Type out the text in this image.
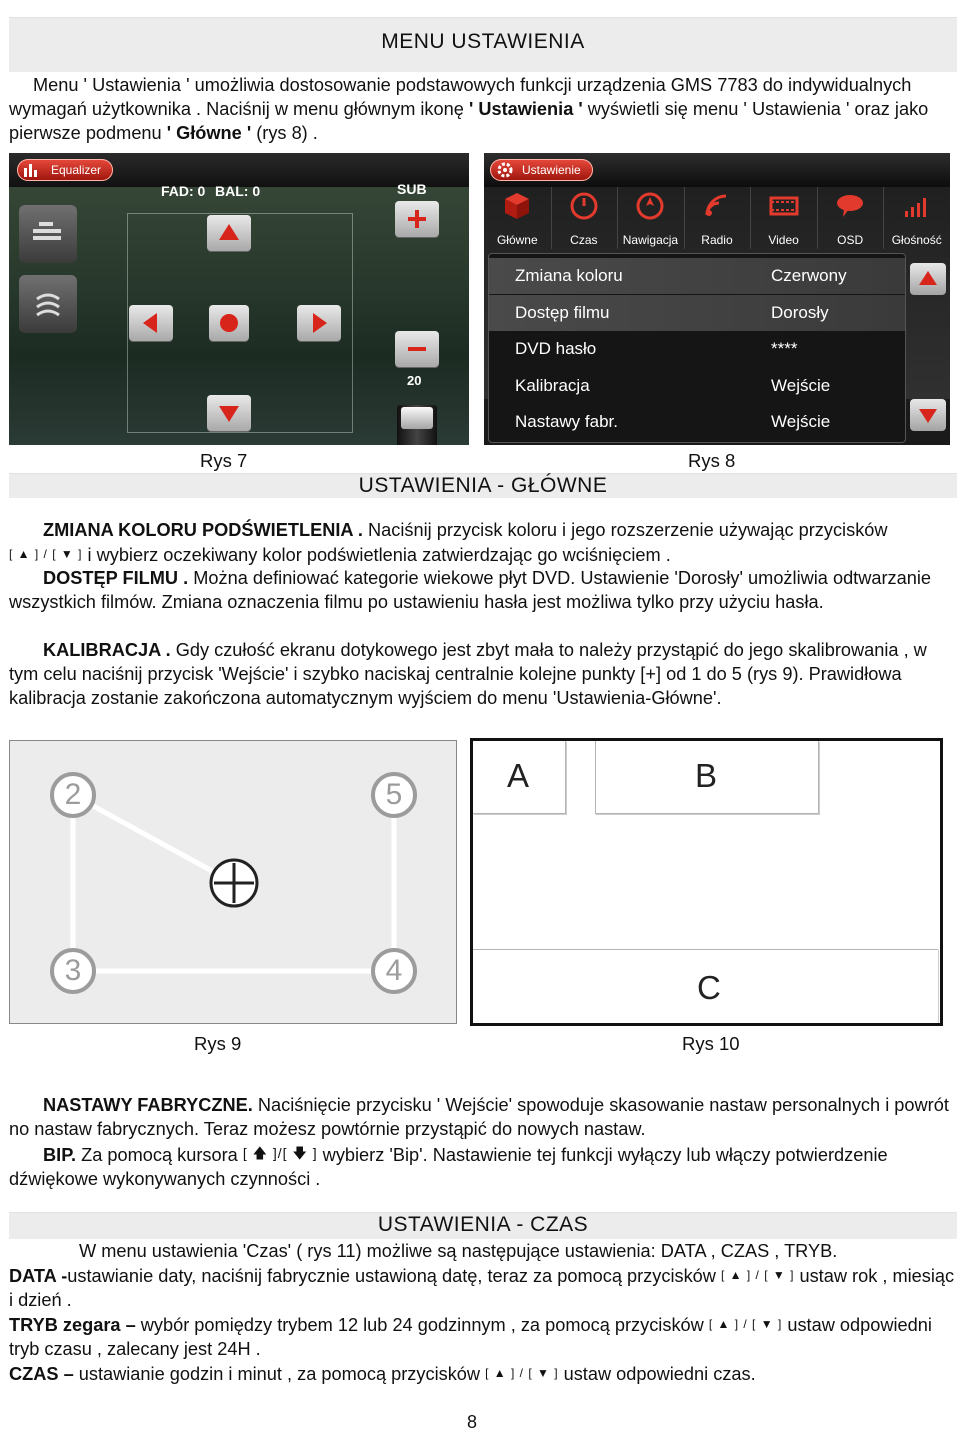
MENU USTAWIENIA
Menu ' Ustawienia ' umożliwia dostosowanie podstawowych funkcji urządzenia GMS 7783 do indywidualnych wymagań użytkownika . Naciśnij w menu głównym ikonę ' Ustawienia ' wyświetli się menu ' Ustawienia ' oraz jako pierwsze podmenu ' Główne ' (rys 8) .
Equalizer
FAD: 0 BAL: 0	SUB
20
Ustawienie
Zmiana koloru	Czerwony
Dostęp filmu	Dorosły
DVD hasło	****
Kalibracja	Wejście
Nastawy fabr.	Wejście
Główne	Czas	Nawigacja	Radio	Video	OSD	Głośność
Rys 7	Rys 8
USTAWIENIA - GŁÓWNE
ZMIANA KOLORU PODŚWIETLENIA . Naciśnij przycisk koloru i jego rozszerzenie używając przycisków [ ▲ ] / [ ▼ ] i wybierz oczekiwany kolor podświetlenia zatwierdzając go wciśnięciem .
DOSTĘP FILMU . Można definiować kategorie wiekowe płyt DVD. Ustawienie 'Dorosły' umożliwia odtwarzanie wszystkich filmów. Zmiana oznaczenia filmu po ustawieniu hasła jest możliwa tylko przy użyciu hasła.
KALIBRACJA . Gdy czułość ekranu dotykowego jest zbyt mała to należy przystąpić do jego skalibrowania , w tym celu naciśnij przycisk 'Wejście' i szybko naciskaj centralnie kolejne punkty [+] od 1 do 5 (rys 9). Prawidłowa kalibracja zostanie zakończona automatycznym wyjściem do menu 'Ustawienia-Główne'.
2	5
3	4
A	B
C
Rys 9	Rys 10
NASTAWY FABRYCZNE. Naciśnięcie przycisku ' Wejście' spowoduje skasowanie nastaw personalnych i powrót no nastaw fabrycznych. Teraz możesz powtórnie przystąpić do nowych nastaw.
BIP. Za pomocą kursora [ 🡅 ]/[ 🡇 ] wybierz 'Bip'. Nastawienie tej funkcji wyłączy lub włączy potwierdzenie dźwiękowe wykonywanych czynności .
USTAWIENIA - CZAS
W menu ustawienia 'Czas' ( rys 11) możliwe są następujące ustawienia: DATA , CZAS , TRYB.
DATA -ustawianie daty, naciśnij fabrycznie ustawioną datę, teraz za pomocą przycisków [ ▲ ] / [ ▼ ] ustaw rok , miesiąc i dzień .
TRYB zegara – wybór pomiędzy trybem 12 lub 24 godzinnym , za pomocą przycisków [ ▲ ] / [ ▼ ] ustaw odpowiedni tryb czasu , zalecany jest 24H .
CZAS – ustawianie godzin i minut , za pomocą przycisków [ ▲ ] / [ ▼ ] ustaw odpowiedni czas.
8
